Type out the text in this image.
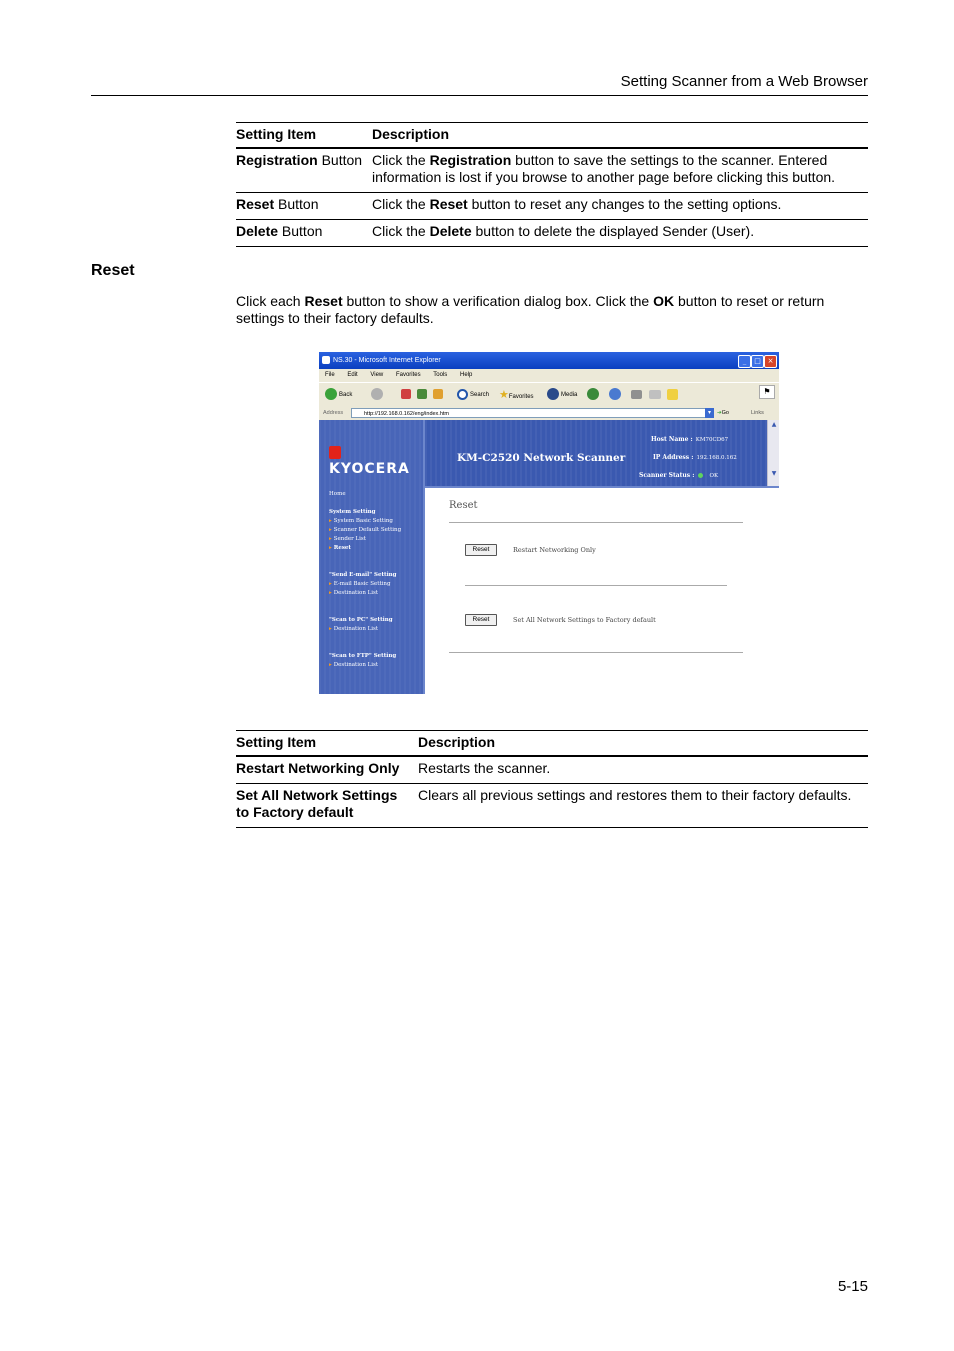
Setting Scanner from a Web Browser
Setting Item	Description
Registration Button	Click the Registration button to save the settings to the scanner. Entered information is lost if you browse to another page before clicking this button.
Reset Button	Click the Reset button to reset any changes to the setting options.
Delete Button	Click the Delete button to delete the displayed Sender (User).
Reset
Click each Reset button to show a verification dialog box. Click the OK button to reset or return settings to their factory defaults.
NS.30 - Microsoft Internet Explorer	_	□ ×
File Edit View Favorites Tools Help
Back	Search ★Favorites	Media	⚑
Address	http://192.168.0.162/eng/index.htm	▾	➔Go	Links
KYOCERA
Home
System Setting
▸ System Basic Setting
▸ Scanner Default Setting
▸ Sender List
▸ Reset
"Send E-mail" Setting
▸ E-mail Basic Setting
▸ Destination List
"Scan to PC" Setting
▸ Destination List
"Scan to FTP" Setting
▸ Destination List
KM-C2520 Network Scanner
Host Name : KM70CD67
IP Address : 192.168.0.162
Scanner Status :	OK
▲
▼
Reset
Reset	Restart Networking Only
Reset	Set All Network Settings to Factory default
Setting Item	Description
Restart Networking Only	Restarts the scanner.
Set All Network Settings to Factory default	Clears all previous settings and restores them to their factory defaults.
5-15
